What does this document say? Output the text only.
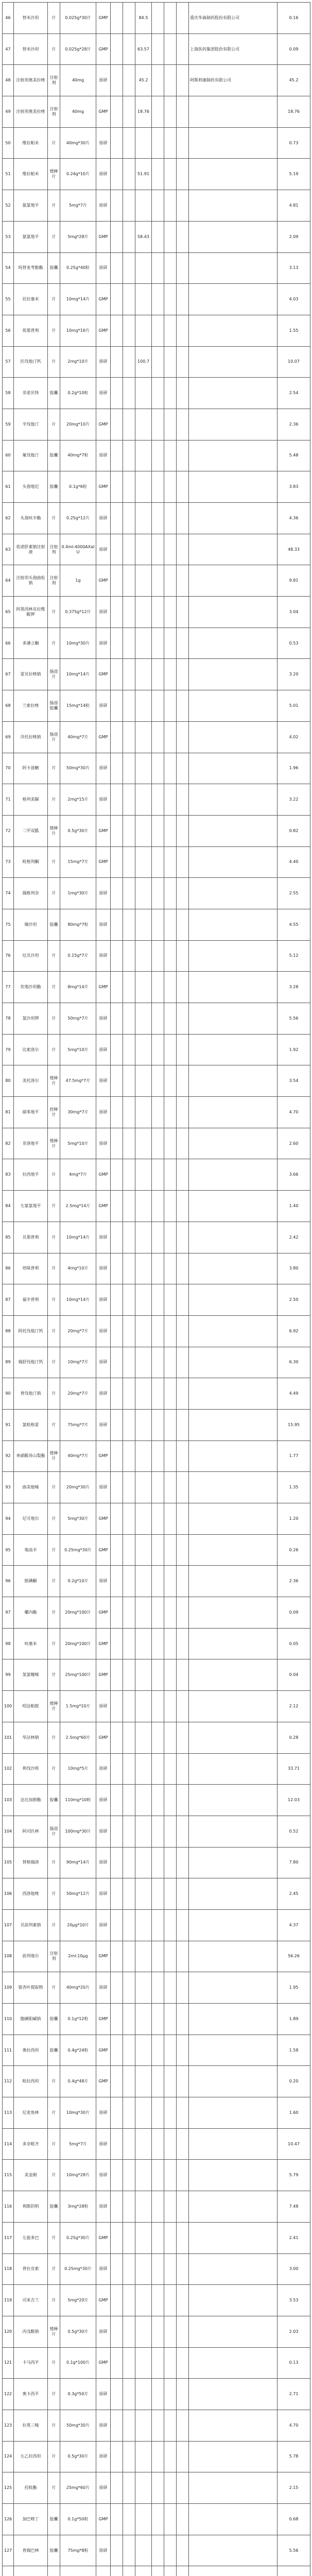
46	替米沙坦	片	0.025g*30片	GMP			84.5				重庆华森制药股份有限公司	0.16
47	替米沙坦	片	0.025g*28片	GMP			63.57				上海医药集团股份有限公司	0.09
48	注射用奥美拉唑	注射剂	40mg	原研			45.2				阿斯利康制药有限公司	45.2
49	注射用奥美拉唑	注射剂	40mg	GMP			18.76					18.76
50	维拉帕米	片	40mg*30片	原研								0.73
51	维拉帕米	缓释片	0.24g*10片	原研			51.91					5.19
52	氨氯地平	片	5mg*7片	原研								4.81
53	氨氯地平	片	5mg*28片	GMP			58.43					2.09
54	吗替麦考酚酯	胶囊	0.25g*40粒	原研								3.13
55	托拉塞米	片	10mg*14片	GMP								4.03
56	依那普利	片	10mg*16片	GMP								1.55
57	匹伐他汀钙	片	2mg*10片	原研			100.7					10.07
58	非诺贝特	胶囊	0.2g*10粒	原研								2.54
59	辛伐他汀	片	20mg*10片	GMP								2.36
60	氟伐他汀	胶囊	40mg*7粒	原研								5.48
61	头孢地尼	胶囊	0.1g*6粒	GMP								3.83
62	头孢呋辛酯	片	0.25g*12片	原研								4.36
63	依诺肝素钠注射液	注射剂	0.4ml:4000AXaIU	原研								48.33
64	注射用头孢曲松钠	注射剂	1g	GMP								9.81
65	阿莫西林克拉维酸钾	片	0.375g*12片	原研								3.04
66	多潘立酮	片	10mg*30片	原研								0.53
67	雷贝拉唑钠	肠溶片	10mg*14片	GMP								3.20
68	兰索拉唑	肠溶胶囊	15mg*14粒	原研								5.01
69	泮托拉唑钠	肠溶片	40mg*7片	GMP								4.02
70	阿卡波糖	片	50mg*30片	原研								1.96
71	格列美脲	片	2mg*15片	原研								3.22
72	二甲双胍	缓释片	0.5g*30片	GMP								0.82
73	吡格列酮	片	15mg*7片	GMP								4.40
74	瑞格列奈	片	1mg*30片	原研								2.55
75	缬沙坦	胶囊	80mg*7粒	原研								4.55
76	厄贝沙坦	片	0.15g*7片	原研								5.12
77	坎地沙坦酯	片	8mg*14片	GMP								3.28
78	氯沙坦钾	片	50mg*7片	原研								5.56
79	比索洛尔	片	5mg*10片	原研								1.92
80	美托洛尔	缓释片	47.5mg*7片	原研								3.54
81	硝苯地平	控释片	30mg*7片	原研								4.70
82	非洛地平	缓释片	5mg*10片	原研								2.60
83	拉西地平	片	4mg*7片	GMP								3.66
84	左氨氯地平	片	2.5mg*14片	GMP								1.40
85	贝那普利	片	10mg*14片	原研								2.42
86	培哚普利	片	4mg*10片	原研								3.80
87	福辛普利	片	10mg*14片	原研								2.50
88	阿托伐他汀钙	片	20mg*7片	原研								6.92
89	瑞舒伐他汀钙	片	10mg*7片	原研								6.30
90	普伐他汀钠	片	20mg*7片	原研								4.49
91	氯吡格雷	片	75mg*7片	原研								15.95
92	单硝酸异山梨酯	缓释片	40mg*7片	GMP								1.77
93	曲美他嗪	片	20mg*30片	原研								1.35
94	尼可地尔	片	5mg*30片	GMP								1.20
95	地高辛	片	0.25mg*30片	GMP								0.26
96	胺碘酮	片	0.2g*10片	原研								2.36
97	螺内酯	片	20mg*100片	GMP								0.09
98	呋塞米	片	20mg*100片	GMP								0.05
99	氢氯噻嗪	片	25mg*100片	GMP								0.04
100	吲达帕胺	缓释片	1.5mg*10片	原研								2.12
101	华法林钠	片	2.5mg*60片	GMP								0.28
102	利伐沙班	片	10mg*5片	原研								33.71
103	达比加群酯	胶囊	110mg*10粒	原研								12.03
104	阿司匹林	肠溶片	100mg*30片	原研								0.52
105	替格瑞洛	片	90mg*14片	原研								7.80
106	西洛他唑	片	50mg*12片	原研								2.45
107	贝前列素钠	片	20μg*10片	原研								4.37
108	前列地尔	注射剂	2ml:10μg	GMP								56.26
109	银杏叶提取物	片	40mg*20片	原研								1.95
110	胞磷胆碱钠	胶囊	0.1g*12粒	GMP								1.89
111	奥拉西坦	胶囊	0.4g*24粒	GMP								1.58
112	吡拉西坦	片	0.4g*48片	GMP								0.20
113	尼麦角林	片	10mg*30片	原研								1.60
114	多奈哌齐	片	5mg*7片	原研								10.47
115	美金刚	片	10mg*28片	原研								5.79
116	利斯的明	胶囊	3mg*28粒	原研								7.48
117	左旋多巴	片	0.25g*30片	GMP								2.41
118	普拉克索	片	0.25mg*30片	原研								3.00
119	司来吉兰	片	5mg*20片	GMP								3.53
120	丙戊酸钠	缓释片	0.5g*30片	原研								2.03
121	卡马西平	片	0.1g*100片	GMP								0.13
122	奥卡西平	片	0.3g*50片	原研								2.71
123	拉莫三嗪	片	50mg*30片	原研								4.70
124	左乙拉西坦	片	0.5g*30片	原研								5.78
125	托吡酯	片	25mg*60片	原研								2.15
126	加巴喷丁	胶囊	0.1g*50粒	GMP								0.68
127	普瑞巴林	胶囊	75mg*8粒	原研								5.56
